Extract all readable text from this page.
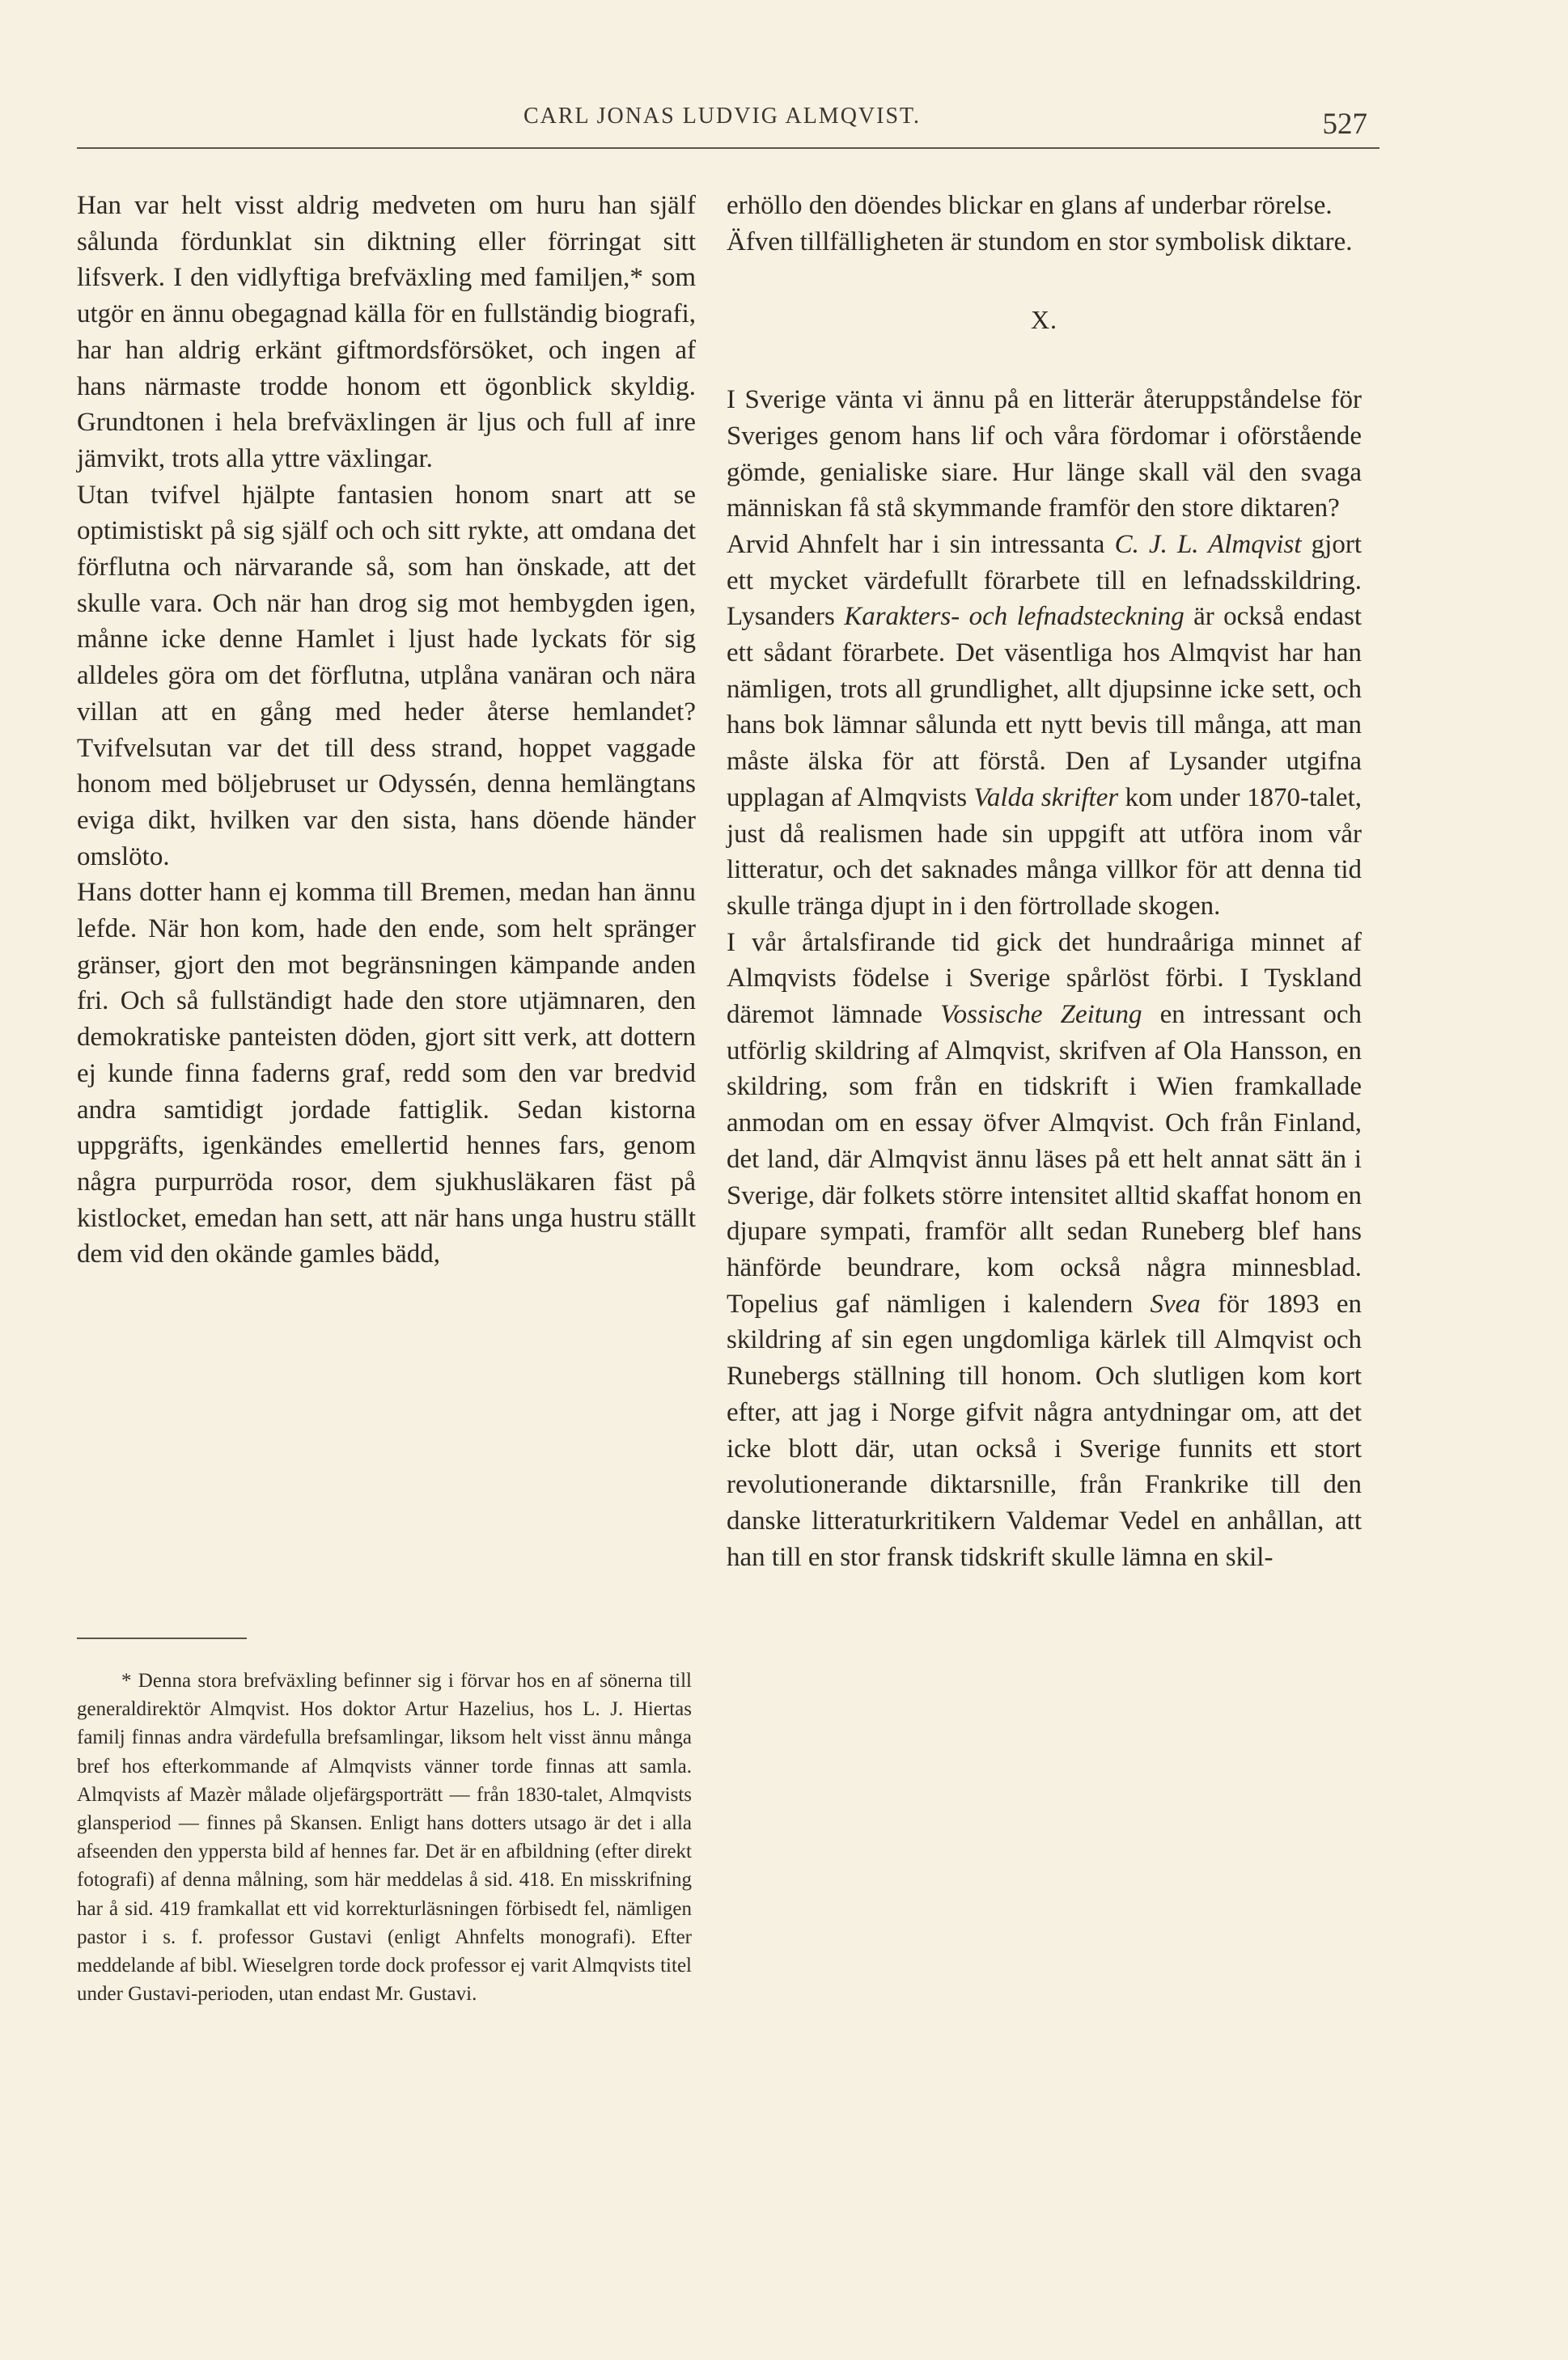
CARL JONAS LUDVIG ALMQVIST.	527

Han var helt visst aldrig medveten om huru han själf sålunda fördunklat sin diktning eller förringat sitt lifsverk. I den vidlyftiga brefväxling med familjen,* som utgör en ännu obegagnad källa för en fullständig biografi, har han aldrig erkänt giftmordsförsöket, och ingen af hans närmaste trodde honom ett ögonblick skyldig. Grundtonen i hela brefväxlingen är ljus och full af inre jämvikt, trots alla yttre växlingar.

Utan tvifvel hjälpte fantasien honom snart att se optimistiskt på sig själf och och sitt rykte, att omdana det förflutna och närvarande så, som han önskade, att det skulle vara. Och när han drog sig mot hembygden igen, månne icke denne Hamlet i ljust hade lyckats för sig alldeles göra om det förflutna, utplåna vanäran och nära villan att en gång med heder återse hemlandet? Tvifvelsutan var det till dess strand, hoppet vaggade honom med böljebruset ur Odyssén, denna hemlängtans eviga dikt, hvilken var den sista, hans döende händer omslöto.

Hans dotter hann ej komma till Bremen, medan han ännu lefde. När hon kom, hade den ende, som helt spränger gränser, gjort den mot begränsningen kämpande anden fri. Och så fullständigt hade den store utjämnaren, den demokratiske panteisten döden, gjort sitt verk, att dottern ej kunde finna faderns graf, redd som den var bredvid andra samtidigt jordade fattiglik. Sedan kistorna uppgräfts, igenkändes emellertid hennes fars, genom några purpurröda rosor, dem sjukhusläkaren fäst på kistlocket, emedan han sett, att när hans unga hustru ställt dem vid den okände gamles bädd,

* Denna stora brefväxling befinner sig i förvar hos en af sönerna till generaldirektör Almqvist. Hos doktor Artur Hazelius, hos L. J. Hiertas familj finnas andra värdefulla brefsamlingar, liksom helt visst ännu många bref hos efterkommande af Almqvists vänner torde finnas att samla. Almqvists af Mazèr målade oljefärgsporträtt — från 1830-talet, Almqvists glansperiod — finnes på Skansen. Enligt hans dotters utsago är det i alla afseenden den yppersta bild af hennes far. Det är en afbildning (efter direkt fotografi) af denna målning, som här meddelas å sid. 418. En misskrifning har å sid. 419 framkallat ett vid korrekturläsningen förbisedt fel, nämligen pastor i s. f. professor Gustavi (enligt Ahnfelts monografi). Efter meddelande af bibl. Wieselgren torde dock professor ej varit Almqvists titel under Gustavi-perioden, utan endast Mr. Gustavi.

erhöllo den döendes blickar en glans af underbar rörelse.

Äfven tillfälligheten är stundom en stor symbolisk diktare.

X.

I Sverige vänta vi ännu på en litterär återuppståndelse för Sveriges genom hans lif och våra fördomar i oförstående gömde, genialiske siare. Hur länge skall väl den svaga människan få stå skymmande framför den store diktaren?

Arvid Ahnfelt har i sin intressanta C. J. L. Almqvist gjort ett mycket värdefullt förarbete till en lefnadsskildring. Lysanders Karakters- och lefnadsteckning är också endast ett sådant förarbete. Det väsentliga hos Almqvist har han nämligen, trots all grundlighet, allt djupsinne icke sett, och hans bok lämnar sålunda ett nytt bevis till många, att man måste älska för att förstå. Den af Lysander utgifna upplagan af Almqvists Valda skrifter kom under 1870-talet, just då realismen hade sin uppgift att utföra inom vår litteratur, och det saknades många villkor för att denna tid skulle tränga djupt in i den förtrollade skogen.

I vår årtalsfirande tid gick det hundraåriga minnet af Almqvists födelse i Sverige spårlöst förbi. I Tyskland däremot lämnade Vossische Zeitung en intressant och utförlig skildring af Almqvist, skrifven af Ola Hansson, en skildring, som från en tidskrift i Wien framkallade anmodan om en essay öfver Almqvist. Och från Finland, det land, där Almqvist ännu läses på ett helt annat sätt än i Sverige, där folkets större intensitet alltid skaffat honom en djupare sympati, framför allt sedan Runeberg blef hans hänförde beundrare, kom också några minnesblad. Topelius gaf nämligen i kalendern Svea för 1893 en skildring af sin egen ungdomliga kärlek till Almqvist och Runebergs ställning till honom. Och slutligen kom kort efter, att jag i Norge gifvit några antydningar om, att det icke blott där, utan också i Sverige funnits ett stort revolutionerande diktarsnille, från Frankrike till den danske litteraturkritikern Valdemar Vedel en anhållan, att han till en stor fransk tidskrift skulle lämna en skil-
